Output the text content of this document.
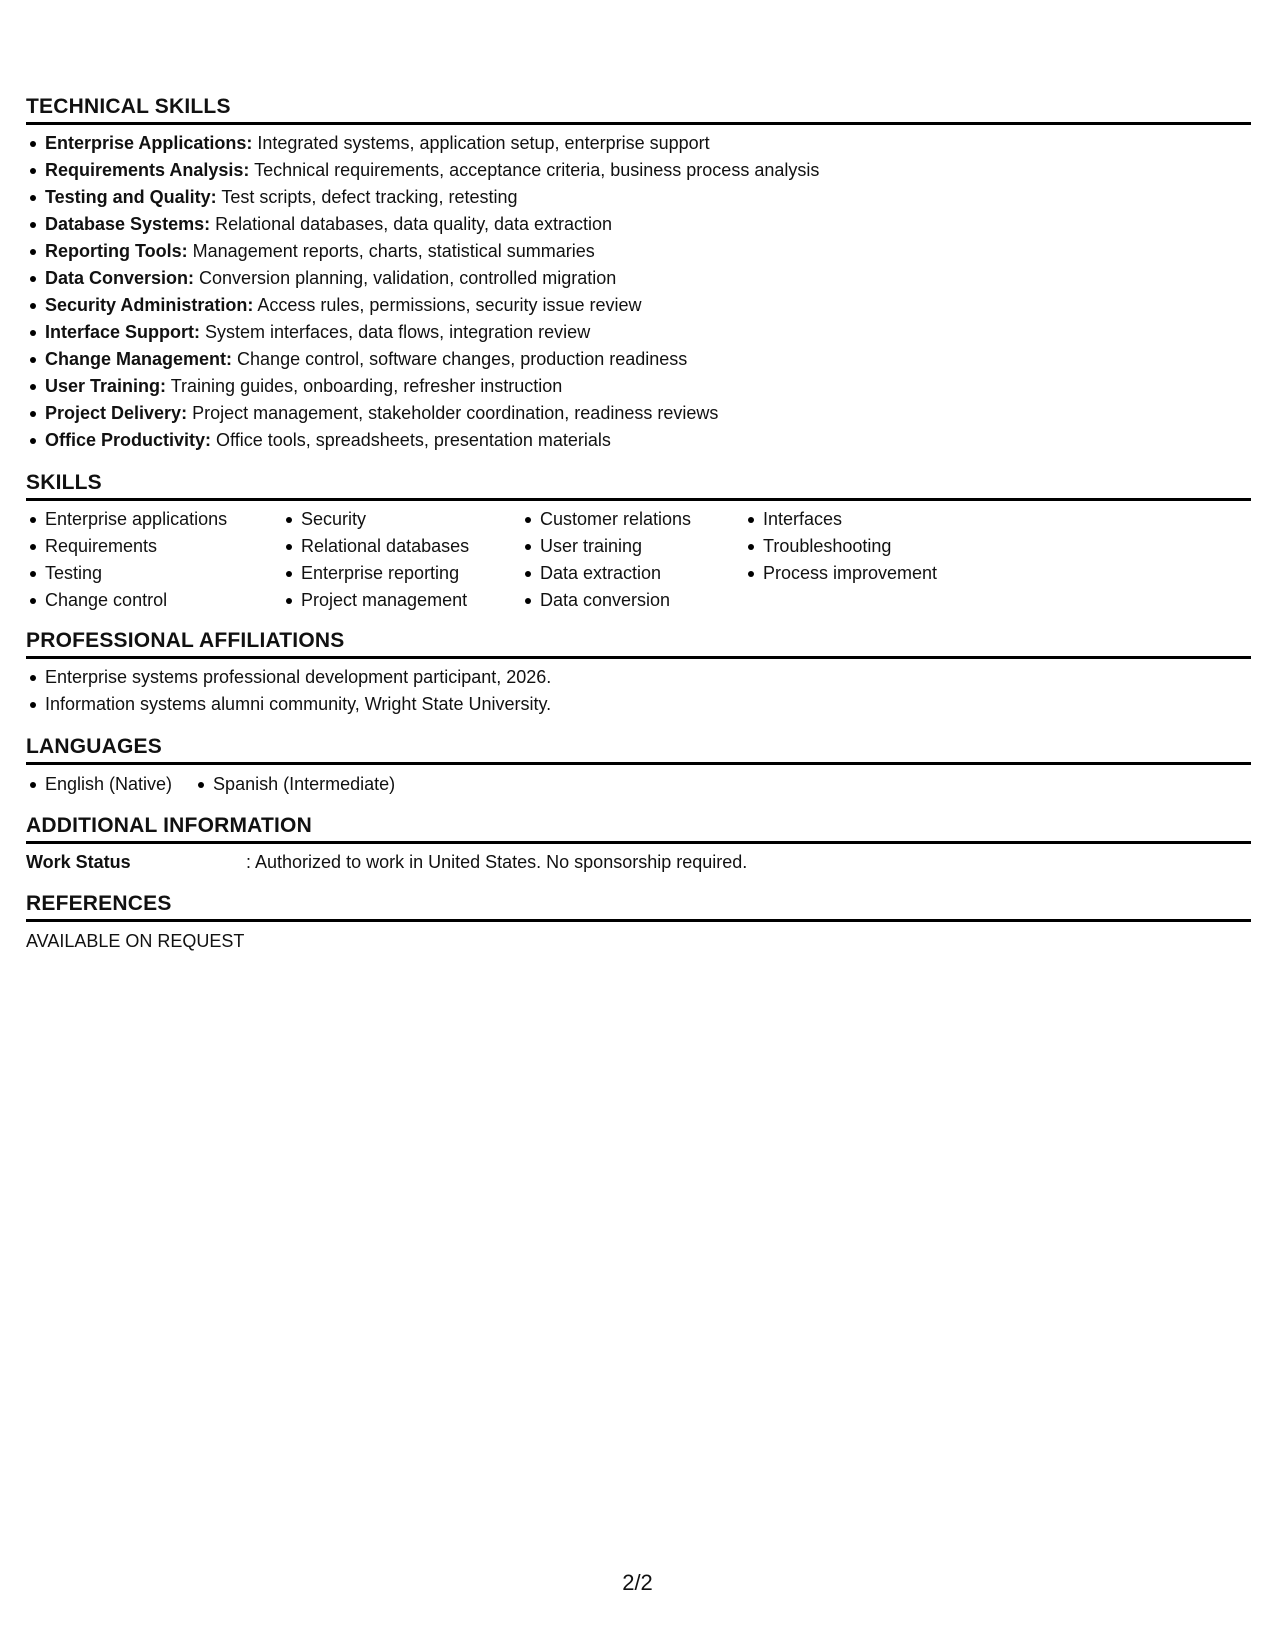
TECHNICAL SKILLS
Enterprise Applications: Integrated systems, application setup, enterprise support
Requirements Analysis: Technical requirements, acceptance criteria, business process analysis
Testing and Quality: Test scripts, defect tracking, retesting
Database Systems: Relational databases, data quality, data extraction
Reporting Tools: Management reports, charts, statistical summaries
Data Conversion: Conversion planning, validation, controlled migration
Security Administration: Access rules, permissions, security issue review
Interface Support: System interfaces, data flows, integration review
Change Management: Change control, software changes, production readiness
User Training: Training guides, onboarding, refresher instruction
Project Delivery: Project management, stakeholder coordination, readiness reviews
Office Productivity: Office tools, spreadsheets, presentation materials
SKILLS
Enterprise applications
Requirements
Testing
Change control
Security
Relational databases
Enterprise reporting
Project management
Customer relations
User training
Data extraction
Data conversion
Interfaces
Troubleshooting
Process improvement
PROFESSIONAL AFFILIATIONS
Enterprise systems professional development participant, 2026.
Information systems alumni community, Wright State University.
LANGUAGES
English (Native) Spanish (Intermediate)
ADDITIONAL INFORMATION
Work Status	: Authorized to work in United States. No sponsorship required.
REFERENCES
AVAILABLE ON REQUEST
2/2
